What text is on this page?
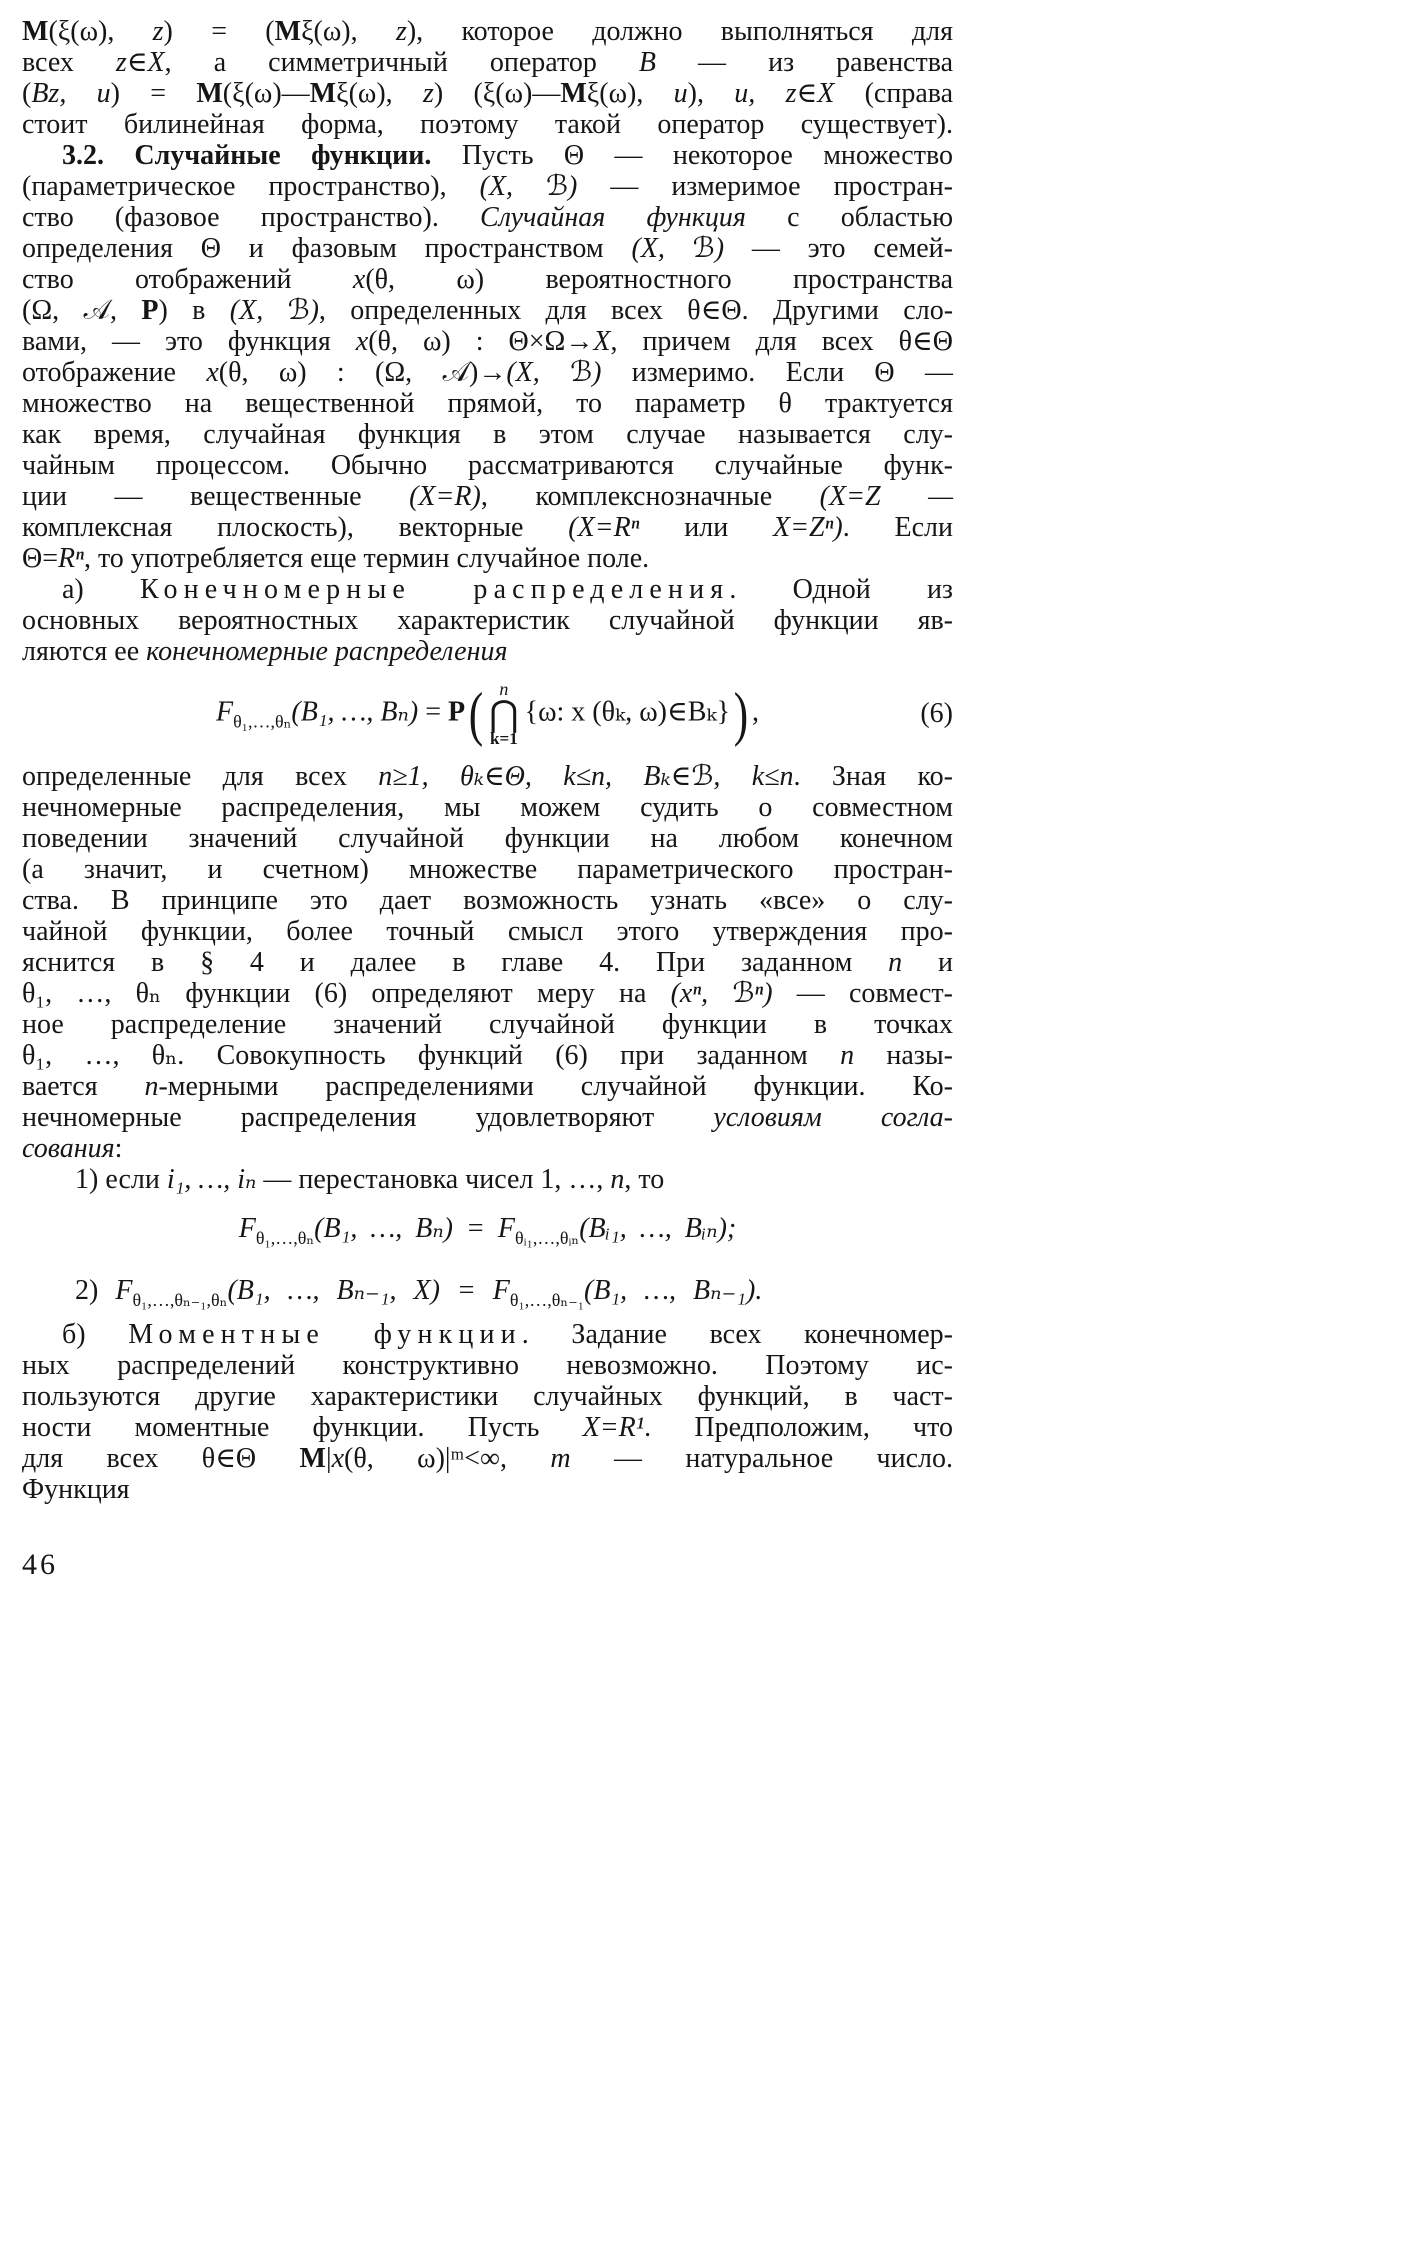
M(ξ(ω), z) = (Mξ(ω), z), которое должно выполняться для
всех z∈X, а симметричный оператор B — из равенства
(Bz, u) = M(ξ(ω)—Mξ(ω), z) (ξ(ω)—Mξ(ω), u), u, z∈X (справа
стоит билинейная форма, поэтому такой оператор существует).
3.2. Случайные функции. Пусть Θ — некоторое множество
(параметрическое пространство), (X, ℬ) — измеримое простран-
ство (фазовое пространство). Случайная функция с областью
определения Θ и фазовым пространством (X, ℬ) — это семей-
ство отображений x(θ, ω) вероятностного пространства
(Ω, 𝒜, P) в (X, ℬ), определенных для всех θ∈Θ. Другими сло-
вами, — это функция x(θ, ω) : Θ×Ω→X, причем для всех θ∈Θ
отображение x(θ, ω) : (Ω, 𝒜)→(X, ℬ) измеримо. Если Θ —
множество на вещественной прямой, то параметр θ трактуется
как время, случайная функция в этом случае называется слу-
чайным процессом. Обычно рассматриваются случайные функ-
ции — вещественные (X=R), комплекснозначные (X=Z —
комплексная плоскость), векторные (X=Rⁿ или X=Zⁿ). Если
Θ=Rⁿ, то употребляется еще термин случайное поле.
а) Конечномерные распределения. Одной из
основных вероятностных характеристик случайной функции яв-
ляются ее конечномерные распределения
$F_{\theta_1,\dots,\theta_n}(B_1$, …, Bₙ) = P( n
⋂
k=1
{ω: x (θₖ, ω)∈Bₖ}) ,	(6)
определенные для всех n≥1, θₖ∈Θ, k≤n, Bₖ∈ℬ, k≤n. Зная ко-
нечномерные распределения, мы можем судить о совместном
поведении значений случайной функции на любом конечном
(а значит, и счетном) множестве параметрического простран-
ства. В принципе это дает возможность узнать «все» о слу-
чайной функции, более точный смысл этого утверждения про-
яснится в § 4 и далее в главе 4. При заданном n и
θ₁, …, θₙ функции (6) определяют меру на (xⁿ, ℬⁿ) — совмест-
ное распределение значений случайной функции в точках
θ₁, …, θₙ. Совокупность функций (6) при заданном n назы-
вается n-мерными распределениями случайной функции. Ко-
нечномерные распределения удовлетворяют условиям согла-
сования:
1) если i₁, …, iₙ — перестановка чисел 1, …, n, то
$F_{\theta_1,\dots,\theta_n}(B_1$, …, $B_n) = F_{\theta ᵢ_1,\dots,\theta ᵢ_n}(Bᵢ_1$, …, Bᵢₙ);
2) $F_{\theta_1,\dots,\theta_{n-1},\theta_n}(B_1$, …, Bₙ₋₁, $X) = F_{\theta_1,\dots,\theta_{n-1}}(B_1$, …, Bₙ₋₁).
б) Моментные функции. Задание всех конечномер-
ных распределений конструктивно невозможно. Поэтому ис-
пользуются другие характеристики случайных функций, в част-
ности моментные функции. Пусть X=R¹. Предположим, что
для всех θ∈Θ M|x(θ, ω)|ᵐ<∞, m — натуральное число.
Функция
46
